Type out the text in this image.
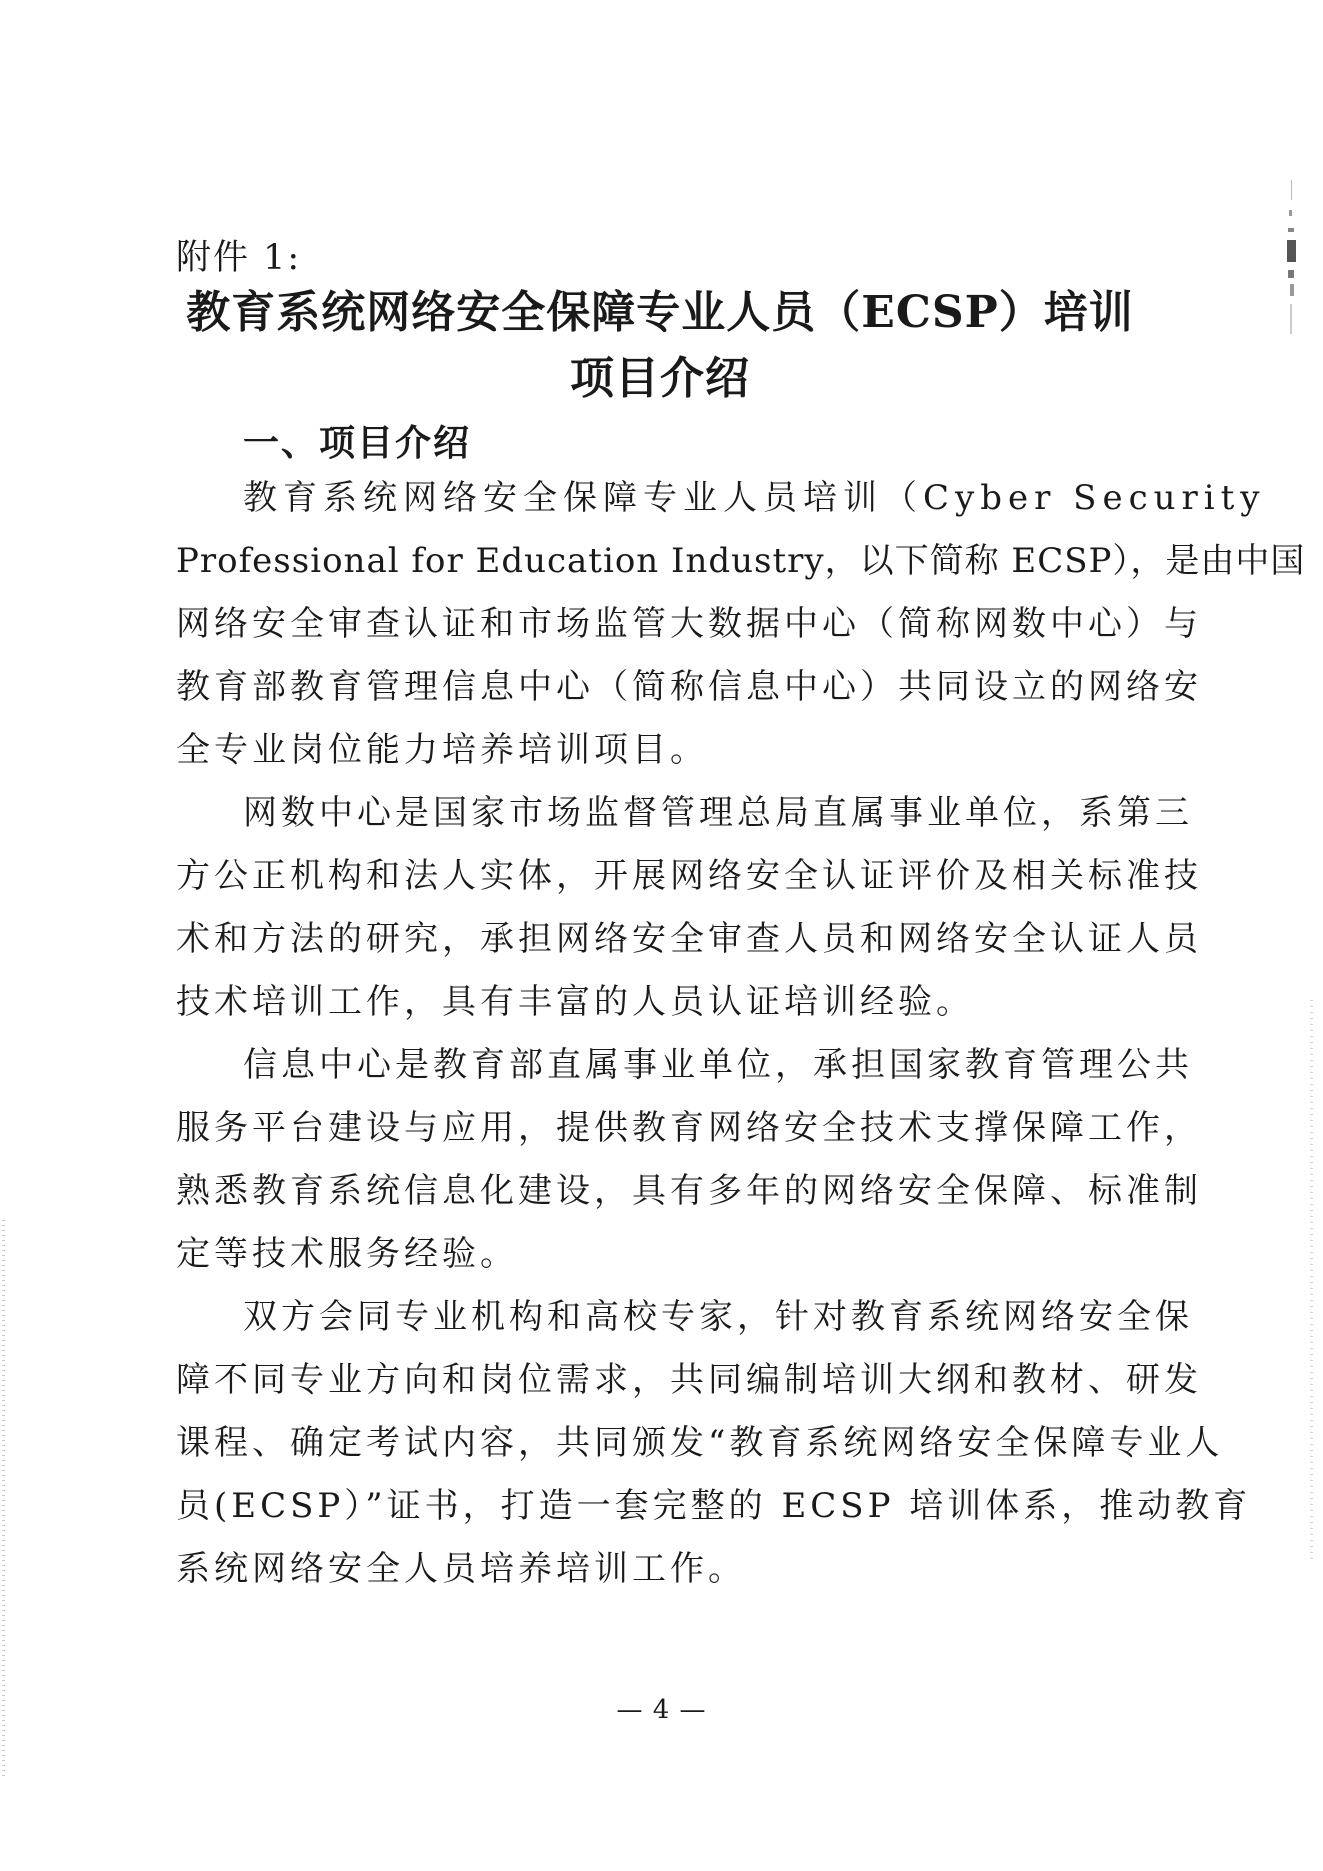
附件 1:
教育系统网络安全保障专业人员（ECSP）培训
项目介绍
一、项目介绍
教育系统网络安全保障专业人员培训（Cyber Security
Professional for Education Industry，以下简称 ECSP），是由中国
网络安全审查认证和市场监管大数据中心（简称网数中心）与
教育部教育管理信息中心（简称信息中心）共同设立的网络安
全专业岗位能力培养培训项目。
网数中心是国家市场监督管理总局直属事业单位，系第三
方公正机构和法人实体，开展网络安全认证评价及相关标准技
术和方法的研究，承担网络安全审查人员和网络安全认证人员
技术培训工作，具有丰富的人员认证培训经验。
信息中心是教育部直属事业单位，承担国家教育管理公共
服务平台建设与应用，提供教育网络安全技术支撑保障工作，
熟悉教育系统信息化建设，具有多年的网络安全保障、标准制
定等技术服务经验。
双方会同专业机构和高校专家，针对教育系统网络安全保
障不同专业方向和岗位需求，共同编制培训大纲和教材、研发
课程、确定考试内容，共同颁发“教育系统网络安全保障专业人
员(ECSP）”证书，打造一套完整的 ECSP 培训体系，推动教育
系统网络安全人员培养培训工作。
— 4 —
